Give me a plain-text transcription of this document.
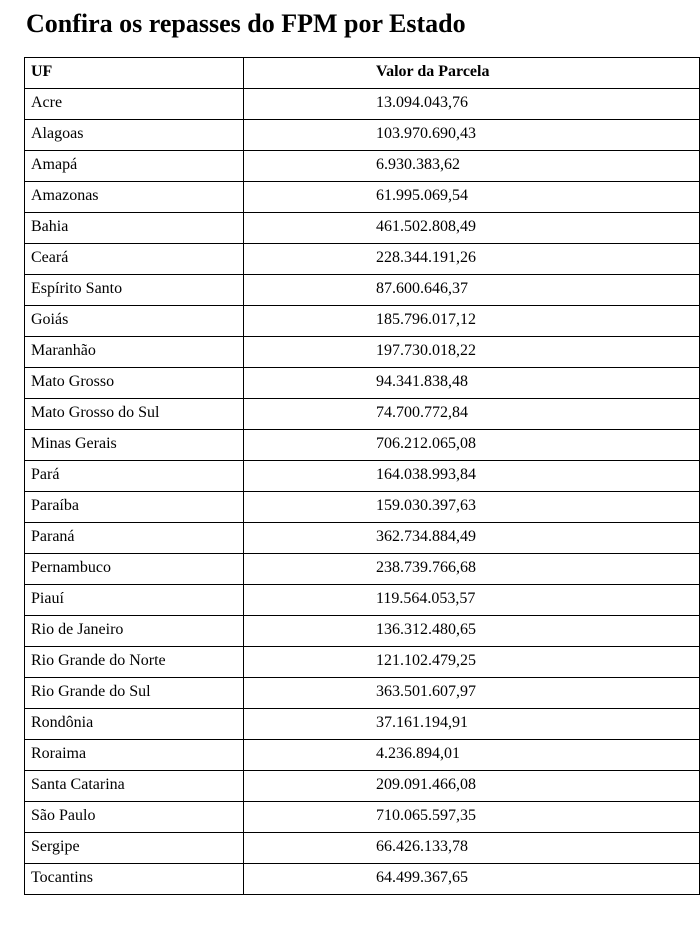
Confira os repasses do FPM por Estado
UF	Valor da Parcela
Acre	13.094.043,76
Alagoas	103.970.690,43
Amapá	6.930.383,62
Amazonas	61.995.069,54
Bahia	461.502.808,49
Ceará	228.344.191,26
Espírito Santo	87.600.646,37
Goiás	185.796.017,12
Maranhão	197.730.018,22
Mato Grosso	94.341.838,48
Mato Grosso do Sul	74.700.772,84
Minas Gerais	706.212.065,08
Pará	164.038.993,84
Paraíba	159.030.397,63
Paraná	362.734.884,49
Pernambuco	238.739.766,68
Piauí	119.564.053,57
Rio de Janeiro	136.312.480,65
Rio Grande do Norte	121.102.479,25
Rio Grande do Sul	363.501.607,97
Rondônia	37.161.194,91
Roraima	4.236.894,01
Santa Catarina	209.091.466,08
São Paulo	710.065.597,35
Sergipe	66.426.133,78
Tocantins	64.499.367,65
